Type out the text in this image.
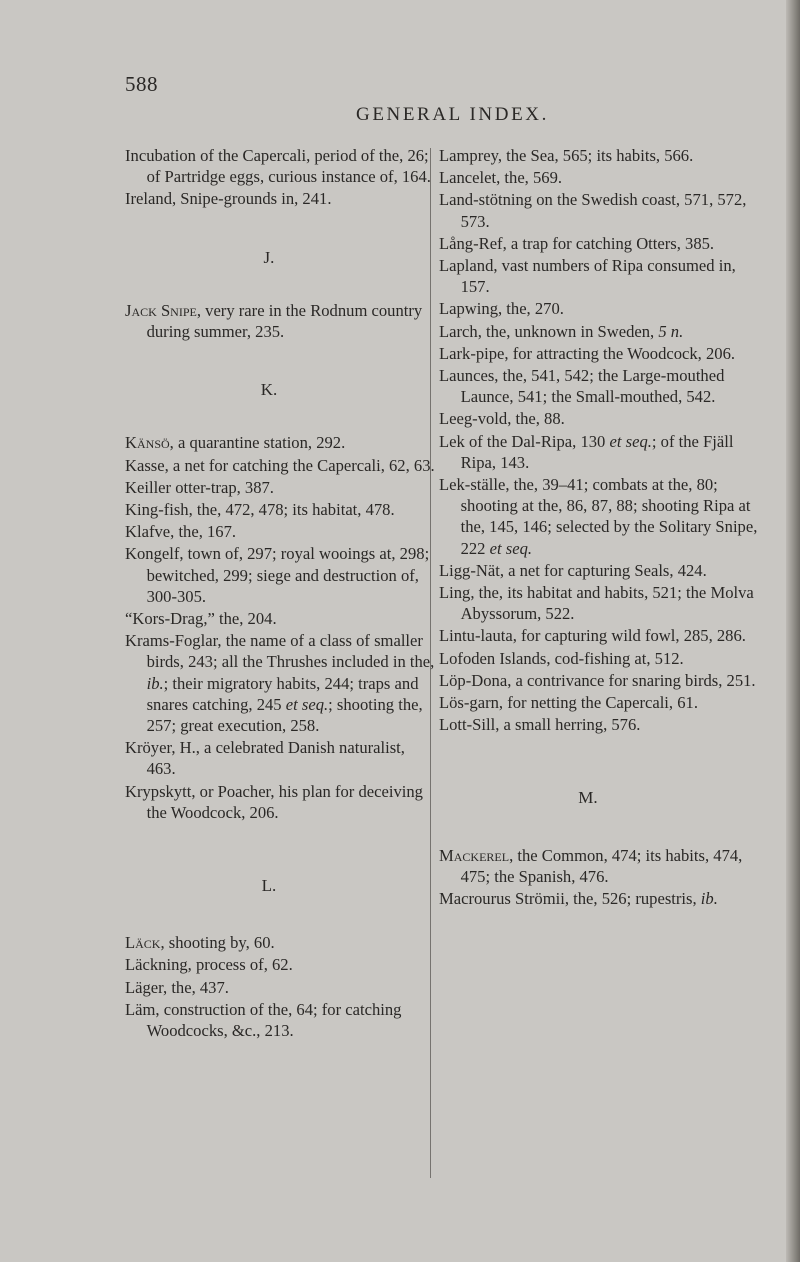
588
GENERAL INDEX.

Incubation of the Capercali, period of the, 26; of Partridge eggs, curious instance of, 164.

Ireland, Snipe-grounds in, 241.

J.

Jack Snipe, very rare in the Rodnum country during summer, 235.

K.

Känsö, a quarantine station, 292.

Kasse, a net for catching the Capercali, 62, 63.

Keiller otter-trap, 387.

King-fish, the, 472, 478; its habitat, 478.

Klafve, the, 167.

Kongelf, town of, 297; royal wooings at, 298; bewitched, 299; siege and destruction of, 300-305.

“Kors-Drag,” the, 204.

Krams-Foglar, the name of a class of smaller birds, 243; all the Thrushes included in the, ib.; their migratory habits, 244; traps and snares catching, 245 et seq.; shooting the, 257; great execution, 258.

Kröyer, H., a celebrated Danish naturalist, 463.

Krypskytt, or Poacher, his plan for deceiving the Woodcock, 206.

L.

Läck, shooting by, 60.

Läckning, process of, 62.

Läger, the, 437.

Läm, construction of the, 64; for catching Woodcocks, &c., 213.

Lamprey, the Sea, 565; its habits, 566.

Lancelet, the, 569.

Land-stötning on the Swedish coast, 571, 572, 573.

Lång-Ref, a trap for catching Otters, 385.

Lapland, vast numbers of Ripa consumed in, 157.

Lapwing, the, 270.

Larch, the, unknown in Sweden, 5 n.

Lark-pipe, for attracting the Woodcock, 206.

Launces, the, 541, 542; the Large-mouthed Launce, 541; the Small-mouthed, 542.

Leeg-vold, the, 88.

Lek of the Dal-Ripa, 130 et seq.; of the Fjäll Ripa, 143.

Lek-ställe, the, 39–41; combats at the, 80; shooting at the, 86, 87, 88; shooting Ripa at the, 145, 146; selected by the Solitary Snipe, 222 et seq.

Ligg-Nät, a net for capturing Seals, 424.

Ling, the, its habitat and habits, 521; the Molva Abyssorum, 522.

Lintu-lauta, for capturing wild fowl, 285, 286.

Lofoden Islands, cod-fishing at, 512.

Löp-Dona, a contrivance for snaring birds, 251.

Lös-garn, for netting the Capercali, 61.

Lott-Sill, a small herring, 576.

M.

Mackerel, the Common, 474; its habits, 474, 475; the Spanish, 476.

Macrourus Strömii, the, 526; rupestris, ib.
